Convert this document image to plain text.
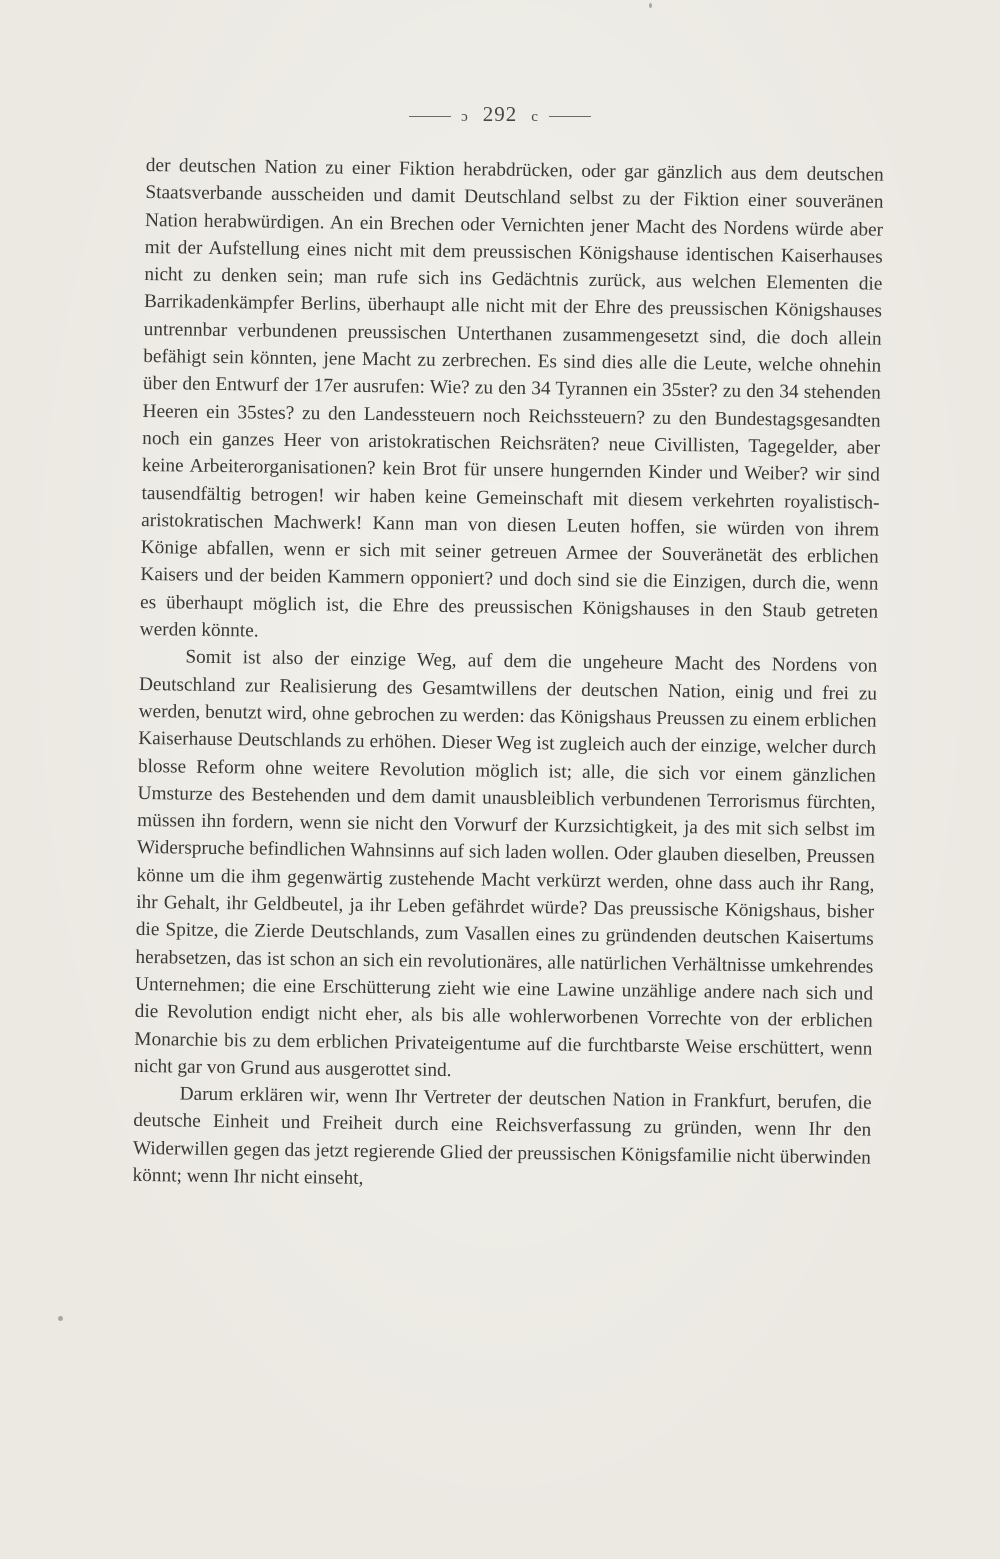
ɔ 292 c

der deutschen Nation zu einer Fiktion herabdrücken, oder gar gänzlich aus dem deutschen Staatsverbande ausscheiden und damit Deutschland selbst zu der Fiktion einer souveränen Nation herabwürdigen. An ein Brechen oder Vernichten jener Macht des Nordens würde aber mit der Aufstellung eines nicht mit dem preussischen Königshause identischen Kaiserhauses nicht zu denken sein; man rufe sich ins Gedächtnis zurück, aus welchen Elementen die Barrikadenkämpfer Berlins, überhaupt alle nicht mit der Ehre des preussischen Königshauses untrennbar verbundenen preussischen Unterthanen zusammengesetzt sind, die doch allein befähigt sein könnten, jene Macht zu zerbrechen. Es sind dies alle die Leute, welche ohnehin über den Entwurf der 17er ausrufen: Wie? zu den 34 Tyrannen ein 35ster? zu den 34 stehenden Heeren ein 35stes? zu den Landessteuern noch Reichssteuern? zu den Bundestagsgesandten noch ein ganzes Heer von aristokratischen Reichsräten? neue Civillisten, Tagegelder, aber keine Arbeiterorganisationen? kein Brot für unsere hungernden Kinder und Weiber? wir sind tausendfältig betrogen! wir haben keine Gemeinschaft mit diesem verkehrten royalistisch-aristokratischen Machwerk! Kann man von diesen Leuten hoffen, sie würden von ihrem Könige abfallen, wenn er sich mit seiner getreuen Armee der Souveränetät des erblichen Kaisers und der beiden Kammern opponiert? und doch sind sie die Einzigen, durch die, wenn es überhaupt möglich ist, die Ehre des preussischen Königshauses in den Staub getreten werden könnte.

Somit ist also der einzige Weg, auf dem die ungeheure Macht des Nordens von Deutschland zur Realisierung des Gesamtwillens der deutschen Nation, einig und frei zu werden, benutzt wird, ohne gebrochen zu werden: das Königshaus Preussen zu einem erblichen Kaiserhause Deutschlands zu erhöhen. Dieser Weg ist zugleich auch der einzige, welcher durch blosse Reform ohne weitere Revolution möglich ist; alle, die sich vor einem gänzlichen Umsturze des Bestehenden und dem damit unausbleiblich verbundenen Terrorismus fürchten, müssen ihn fordern, wenn sie nicht den Vorwurf der Kurzsichtigkeit, ja des mit sich selbst im Widerspruche befindlichen Wahnsinns auf sich laden wollen. Oder glauben dieselben, Preussen könne um die ihm gegenwärtig zustehende Macht verkürzt werden, ohne dass auch ihr Rang, ihr Gehalt, ihr Geldbeutel, ja ihr Leben gefährdet würde? Das preussische Königshaus, bisher die Spitze, die Zierde Deutschlands, zum Vasallen eines zu gründenden deutschen Kaisertums herabsetzen, das ist schon an sich ein revolutionäres, alle natürlichen Verhältnisse umkehrendes Unternehmen; die eine Erschütterung zieht wie eine Lawine unzählige andere nach sich und die Revolution endigt nicht eher, als bis alle wohlerworbenen Vorrechte von der erblichen Monarchie bis zu dem erblichen Privateigentume auf die furchtbarste Weise erschüttert, wenn nicht gar von Grund aus ausgerottet sind.

Darum erklären wir, wenn Ihr Vertreter der deutschen Nation in Frankfurt, berufen, die deutsche Einheit und Freiheit durch eine Reichsverfassung zu gründen, wenn Ihr den Widerwillen gegen das jetzt regierende Glied der preussischen Königsfamilie nicht überwinden könnt; wenn Ihr nicht einseht,
